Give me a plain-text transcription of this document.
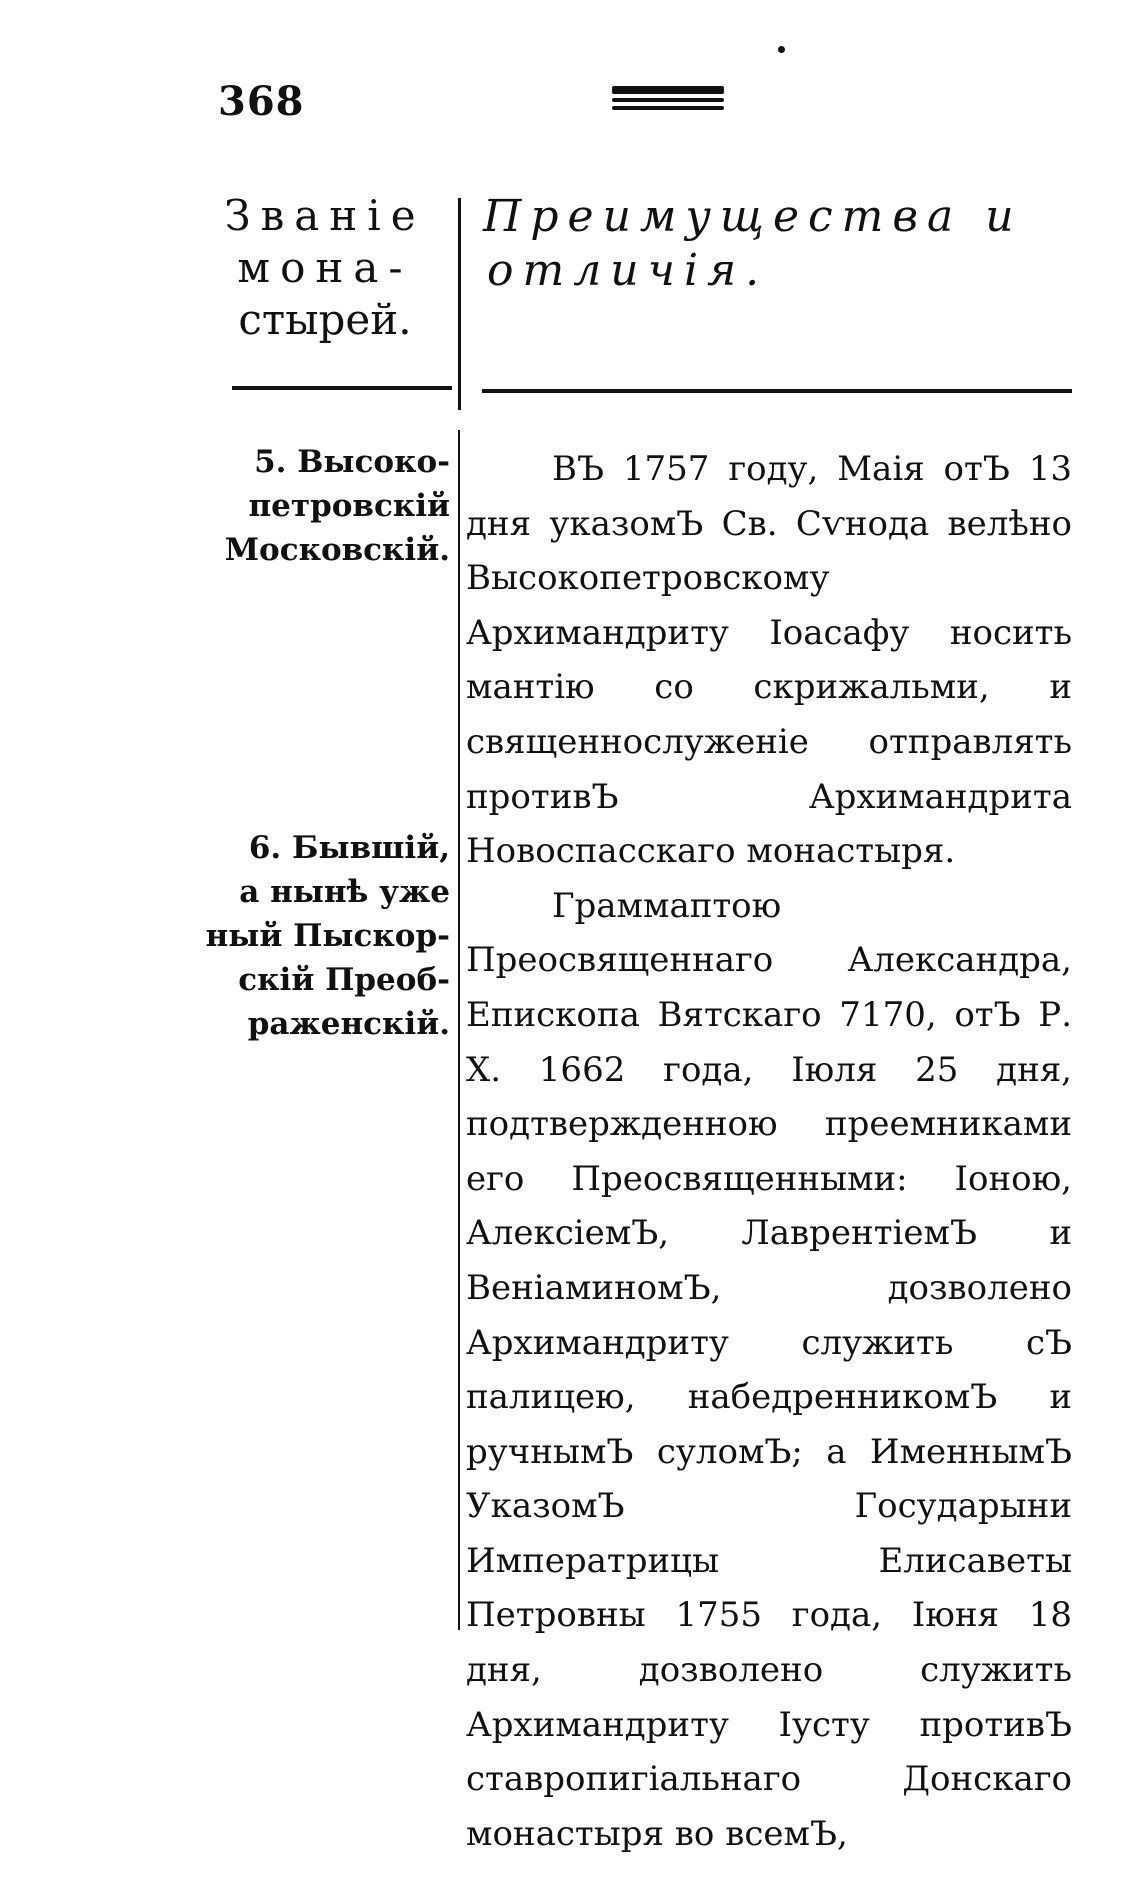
368
Званіе
мона-
стырей.
Преимущества и
отличія.
5. Высоко-
петровскій
Московскій.
6. Бывшій,
а нынѣ уже
ный Пыскор-
скій Преоб-
раженскій.

ВЪ 1757 году, Маія отЪ 13 дня указомЪ Св. Сѵнода велѣно Высокопетровскому Архимандриту Іоасафу носить мантію со скрижальми, и священнослуженіе отправлять противЪ Архимандрита Новоспасскаго монастыря.

Граммаптою Преосвященнаго Александра, Епископа Вятскаго 7170, отЪ Р. Х. 1662 года, Іюля 25 дня, подтвержденною преемниками его Преосвященными: Іоною, АлексіемЪ, ЛаврентіемЪ и ВеніаминомЪ, дозволено Архимандриту служить сЪ палицею, набедренникомЪ и ручнымЪ суломЪ; а ИменнымЪ УказомЪ Государыни Императрицы Елисаветы Петровны 1755 года, Іюня 18 дня, дозволено служить Архимандриту Іусту противЪ ставропигіальнаго Донскаго монастыря во всемЪ,
